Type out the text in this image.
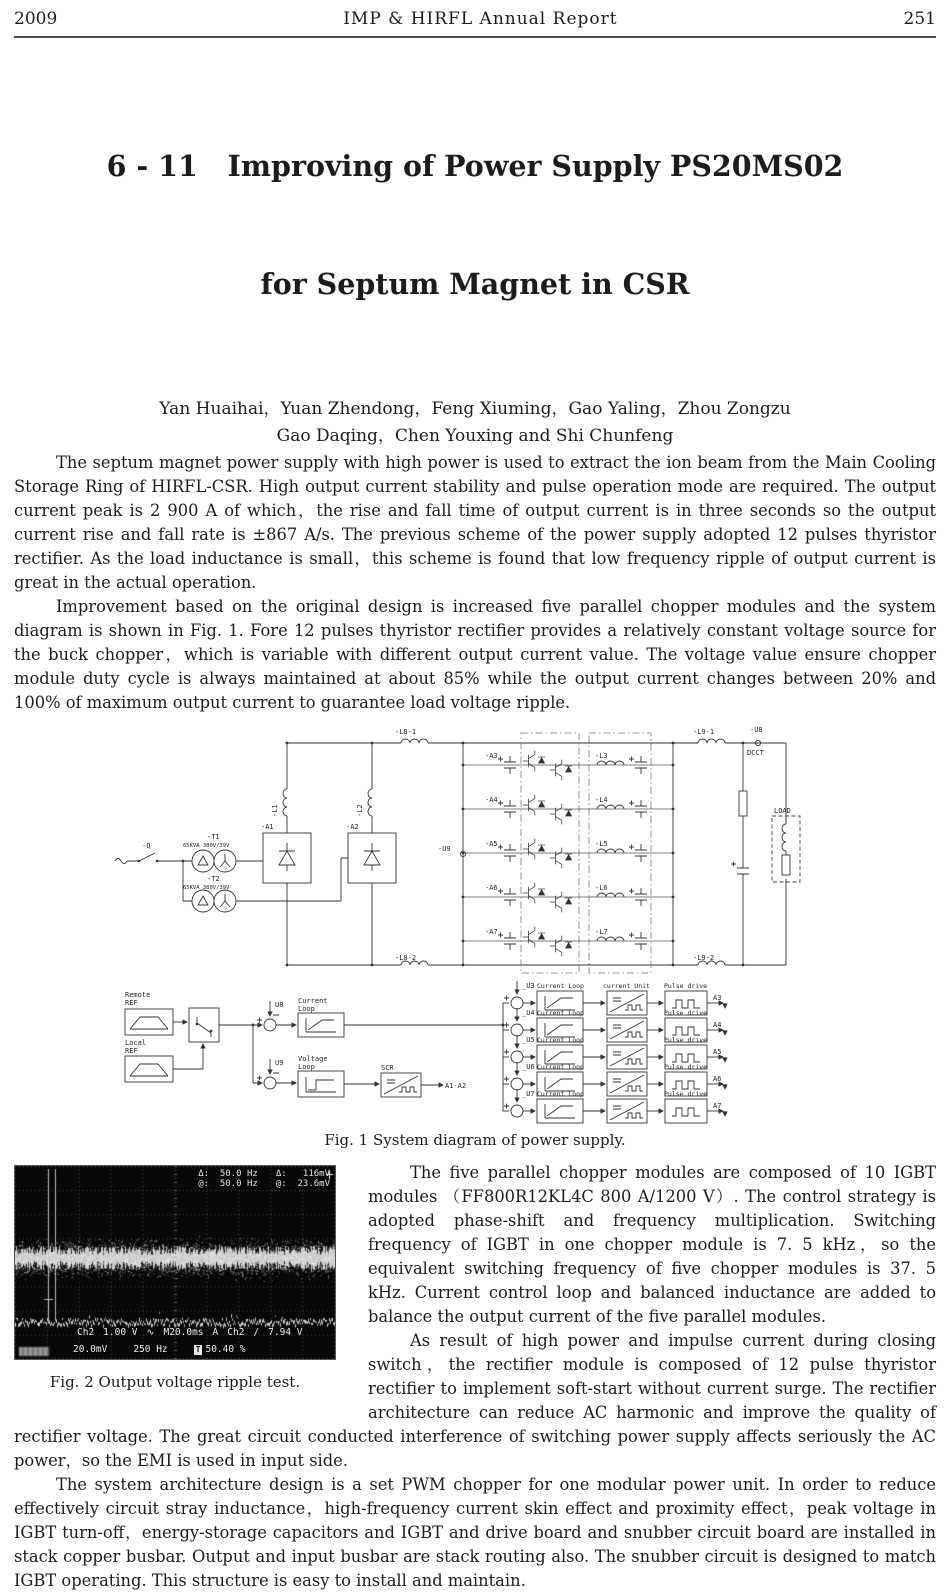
2009	IMP & HIRFL Annual Report	251

6 - 11   Improving of Power Supply PS20MS02

for Septum Magnet in CSR

Yan Huaihai，Yuan Zhendong，Feng Xiuming，Gao Yaling，Zhou Zongzu
Gao Daqing，Chen Youxing and Shi Chunfeng

The septum magnet power supply with high power is used to extract the ion beam from the Main Cooling Storage Ring of HIRFL-CSR. High output current stability and pulse operation mode are required. The output current peak is 2 900 A of which，the rise and fall time of output current is in three seconds so the output current rise and fall rate is ±867 A/s. The previous scheme of the power supply adopted 12 pulses thyristor rectifier. As the load inductance is small，this scheme is found that low frequency ripple of output current is great in the actual operation.

Improvement based on the original design is increased five parallel chopper modules and the system diagram is shown in Fig. 1. Fore 12 pulses thyristor rectifier provides a relatively constant voltage source for the buck chopper，which is variable with different output current value. The voltage value ensure chopper module duty cycle is always maintained at about 85% while the output current changes between 20% and 100% of maximum output current to guarantee load voltage ripple.

-Q
-T1
65KVA 380V/39V
-T2
65KVA 380V/39V
-A1	-A2
-L1	-L2
-L8-1
-L8-2
-L9-1
-L9-2
-U9
-A3	-L3
-A4	-L4
-A5	-L5
-A6	-L6
-A7	-L7
-U8
DCCT
LOAD
Remote
REF
Local
REF
U8 Current
Loop
U9 Voltage
Loop	SCR
A1-A2
_U3 Current Loop	current Unit Pulse drive
A3
_U4 Current Loop	Pulse drive
A4
_U5 Current Loop	Pulse drive
A5
_U6 Current Loop	Pulse drive
A6
_U7 Current Loop	Pulse drive
A7
Fig. 1 System diagram of power supply.
Δ:  50.0 Hz Δ:   116mV
@:  50.0 Hz @:  23.6mV
Ch2 1.00 V ∿ M20.0ms A Ch2 ∕ 7.94 V
20.0mV	250 Hz	T 50.40 %
Fig. 2 Output voltage ripple test.

The five parallel chopper modules are composed of 10 IGBT modules （FF800R12KL4C 800 A/1200 V）. The control strategy is adopted phase-shift and frequency multiplication. Switching frequency of IGBT in one chopper module is 7. 5 kHz，so the equivalent switching frequency of five chopper modules is 37. 5 kHz. Current control loop and balanced inductance are added to balance the output current of the five parallel modules.

As result of high power and impulse current during closing switch，the rectifier module is composed of 12 pulse thyristor rectifier to implement soft-start without current surge. The rectifier architecture can reduce AC harmonic and improve the quality of rectifier voltage. The great circuit conducted interference of switching power supply affects seriously the AC power，so the EMI is used in input side.

The system architecture design is a set PWM chopper for one modular power unit. In order to reduce effectively circuit stray inductance，high-frequency current skin effect and proximity effect，peak voltage in IGBT turn-off，energy-storage capacitors and IGBT and drive board and snubber circuit board are installed in stack copper busbar. Output and input busbar are stack routing also. The snubber circuit is designed to match IGBT operating. This structure is easy to install and maintain.
